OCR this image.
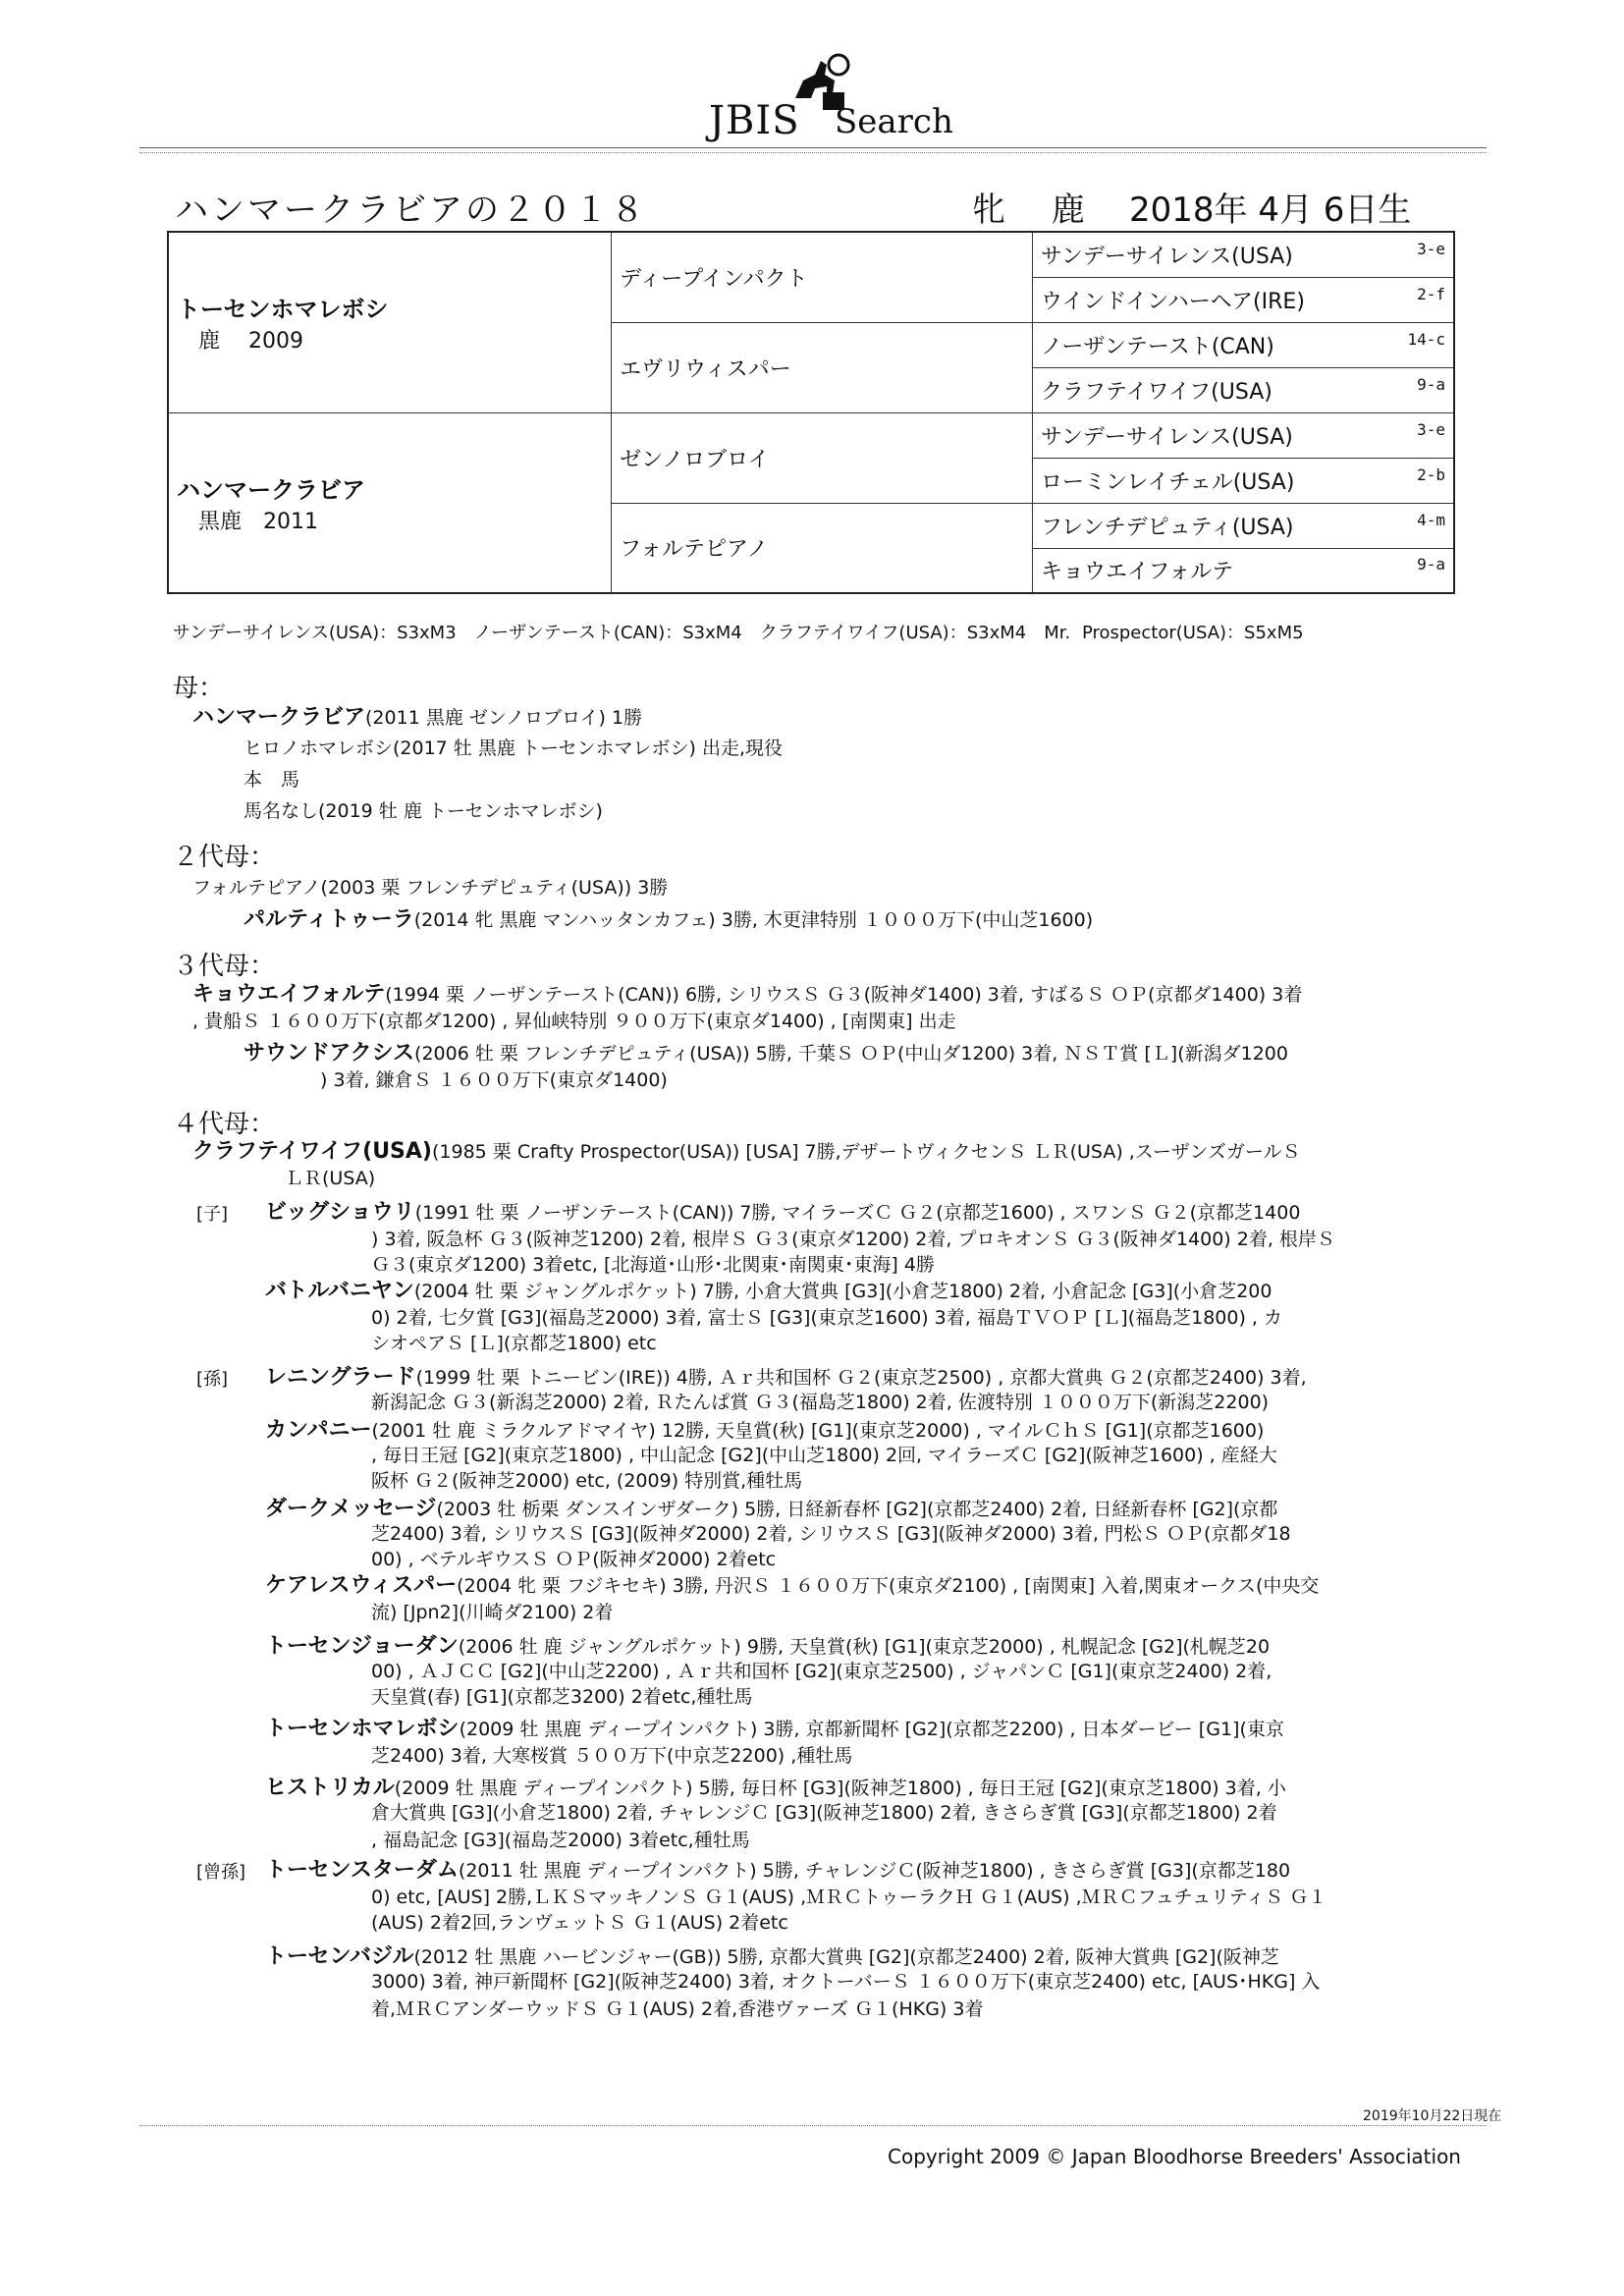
JBIS Search
ハンマークラビアの２０１８	牝 鹿 2018年 4月 6日生
トーセンホマレボシ
鹿　 2009	ディープインパクト	サンデーサイレンス(USA) 3-e

		ウインドインハーヘア(IRE) 2-f

	エヴリウィスパー	ノーザンテースト(CAN) 14-c

		クラフテイワイフ(USA) 9-a

ハンマークラビア
黒鹿　2011	ゼンノロブロイ	サンデーサイレンス(USA) 3-e

		ローミンレイチェル(USA) 2-b

	フォルテピアノ	フレンチデピュティ(USA) 4-m

		キョウエイフォルテ 9-a
サンデーサイレンス(USA)：S3xM3　ノーザンテースト(CAN)：S3xM4　クラフテイワイフ(USA)：S3xM4　Mr. Prospector(USA)：S5xM5
母：
２代母：
３代母：
４代母：
[子]
[孫]
[曾孫]
ハンマークラビア(2011 黒鹿 ゼンノロブロイ) 1勝
ヒロノホマレボシ(2017 牡 黒鹿 トーセンホマレボシ) 出走,現役
本　馬
馬名なし(2019 牡 鹿 トーセンホマレボシ)
フォルテピアノ(2003 栗 フレンチデピュティ(USA)) 3勝
パルティトゥーラ(2014 牝 黒鹿 マンハッタンカフェ) 3勝, 木更津特別 １０００万下(中山芝1600)
キョウエイフォルテ(1994 栗 ノーザンテースト(CAN)) 6勝, シリウスＳ Ｇ３(阪神ダ1400) 3着, すばるＳ ＯＰ(京都ダ1400) 3着
, 貴船Ｓ １６００万下(京都ダ1200) , 昇仙峡特別 ９００万下(東京ダ1400) , [南関東] 出走
サウンドアクシス(2006 牡 栗 フレンチデピュティ(USA)) 5勝, 千葉Ｓ ＯＰ(中山ダ1200) 3着, ＮＳＴ賞 [Ｌ](新潟ダ1200
) 3着, 鎌倉Ｓ １６００万下(東京ダ1400)
クラフテイワイフ(USA)(1985 栗 Crafty Prospector(USA)) [USA] 7勝,デザートヴィクセンＳ ＬＲ(USA) ,スーザンズガールＳ
ＬＲ(USA)
ビッグショウリ(1991 牡 栗 ノーザンテースト(CAN)) 7勝, マイラーズＣ Ｇ２(京都芝1600) , スワンＳ Ｇ２(京都芝1400
) 3着, 阪急杯 Ｇ３(阪神芝1200) 2着, 根岸Ｓ Ｇ３(東京ダ1200) 2着, プロキオンＳ Ｇ３(阪神ダ1400) 2着, 根岸Ｓ
Ｇ３(東京ダ1200) 3着etc, [北海道･山形･北関東･南関東･東海] 4勝
バトルバニヤン(2004 牡 栗 ジャングルポケット) 7勝, 小倉大賞典 [G3](小倉芝1800) 2着, 小倉記念 [G3](小倉芝200
0) 2着, 七夕賞 [G3](福島芝2000) 3着, 富士Ｓ [G3](東京芝1600) 3着, 福島ＴＶＯＰ [Ｌ](福島芝1800) , カ
シオペアＳ [Ｌ](京都芝1800) etc
レニングラード(1999 牡 栗 トニービン(IRE)) 4勝, Ａｒ共和国杯 Ｇ２(東京芝2500) , 京都大賞典 Ｇ２(京都芝2400) 3着,
新潟記念 Ｇ３(新潟芝2000) 2着, Ｒたんぱ賞 Ｇ３(福島芝1800) 2着, 佐渡特別 １０００万下(新潟芝2200)
カンパニー(2001 牡 鹿 ミラクルアドマイヤ) 12勝, 天皇賞(秋) [G1](東京芝2000) , マイルＣｈＳ [G1](京都芝1600)
, 毎日王冠 [G2](東京芝1800) , 中山記念 [G2](中山芝1800) 2回, マイラーズＣ [G2](阪神芝1600) , 産経大
阪杯 Ｇ２(阪神芝2000) etc, (2009) 特別賞,種牡馬
ダークメッセージ(2003 牡 栃栗 ダンスインザダーク) 5勝, 日経新春杯 [G2](京都芝2400) 2着, 日経新春杯 [G2](京都
芝2400) 3着, シリウスＳ [G3](阪神ダ2000) 2着, シリウスＳ [G3](阪神ダ2000) 3着, 門松Ｓ ＯＰ(京都ダ18
00) , ベテルギウスＳ ＯＰ(阪神ダ2000) 2着etc
ケアレスウィスパー(2004 牝 栗 フジキセキ) 3勝, 丹沢Ｓ １６００万下(東京ダ2100) , [南関東] 入着,関東オークス(中央交
流) [Jpn2](川崎ダ2100) 2着
トーセンジョーダン(2006 牡 鹿 ジャングルポケット) 9勝, 天皇賞(秋) [G1](東京芝2000) , 札幌記念 [G2](札幌芝20
00) , ＡＪＣＣ [G2](中山芝2200) , Ａｒ共和国杯 [G2](東京芝2500) , ジャパンＣ [G1](東京芝2400) 2着,
天皇賞(春) [G1](京都芝3200) 2着etc,種牡馬
トーセンホマレボシ(2009 牡 黒鹿 ディープインパクト) 3勝, 京都新聞杯 [G2](京都芝2200) , 日本ダービー [G1](東京
芝2400) 3着, 大寒桜賞 ５００万下(中京芝2200) ,種牡馬
ヒストリカル(2009 牡 黒鹿 ディープインパクト) 5勝, 毎日杯 [G3](阪神芝1800) , 毎日王冠 [G2](東京芝1800) 3着, 小
倉大賞典 [G3](小倉芝1800) 2着, チャレンジＣ [G3](阪神芝1800) 2着, きさらぎ賞 [G3](京都芝1800) 2着
, 福島記念 [G3](福島芝2000) 3着etc,種牡馬
トーセンスターダム(2011 牡 黒鹿 ディープインパクト) 5勝, チャレンジＣ(阪神芝1800) , きさらぎ賞 [G3](京都芝180
0) etc, [AUS] 2勝,ＬＫＳマッキノンＳ Ｇ１(AUS) ,ＭＲＣトゥーラクＨ Ｇ１(AUS) ,ＭＲＣフュチュリティＳ Ｇ１
(AUS) 2着2回,ランヴェットＳ Ｇ１(AUS) 2着etc
トーセンバジル(2012 牡 黒鹿 ハービンジャー(GB)) 5勝, 京都大賞典 [G2](京都芝2400) 2着, 阪神大賞典 [G2](阪神芝
3000) 3着, 神戸新聞杯 [G2](阪神芝2400) 3着, オクトーバーＳ １６００万下(東京芝2400) etc, [AUS･HKG] 入
着,ＭＲＣアンダーウッドＳ Ｇ１(AUS) 2着,香港ヴァーズ Ｇ１(HKG) 3着
2019年10月22日現在
Copyright 2009 © Japan Bloodhorse Breeders' Association
